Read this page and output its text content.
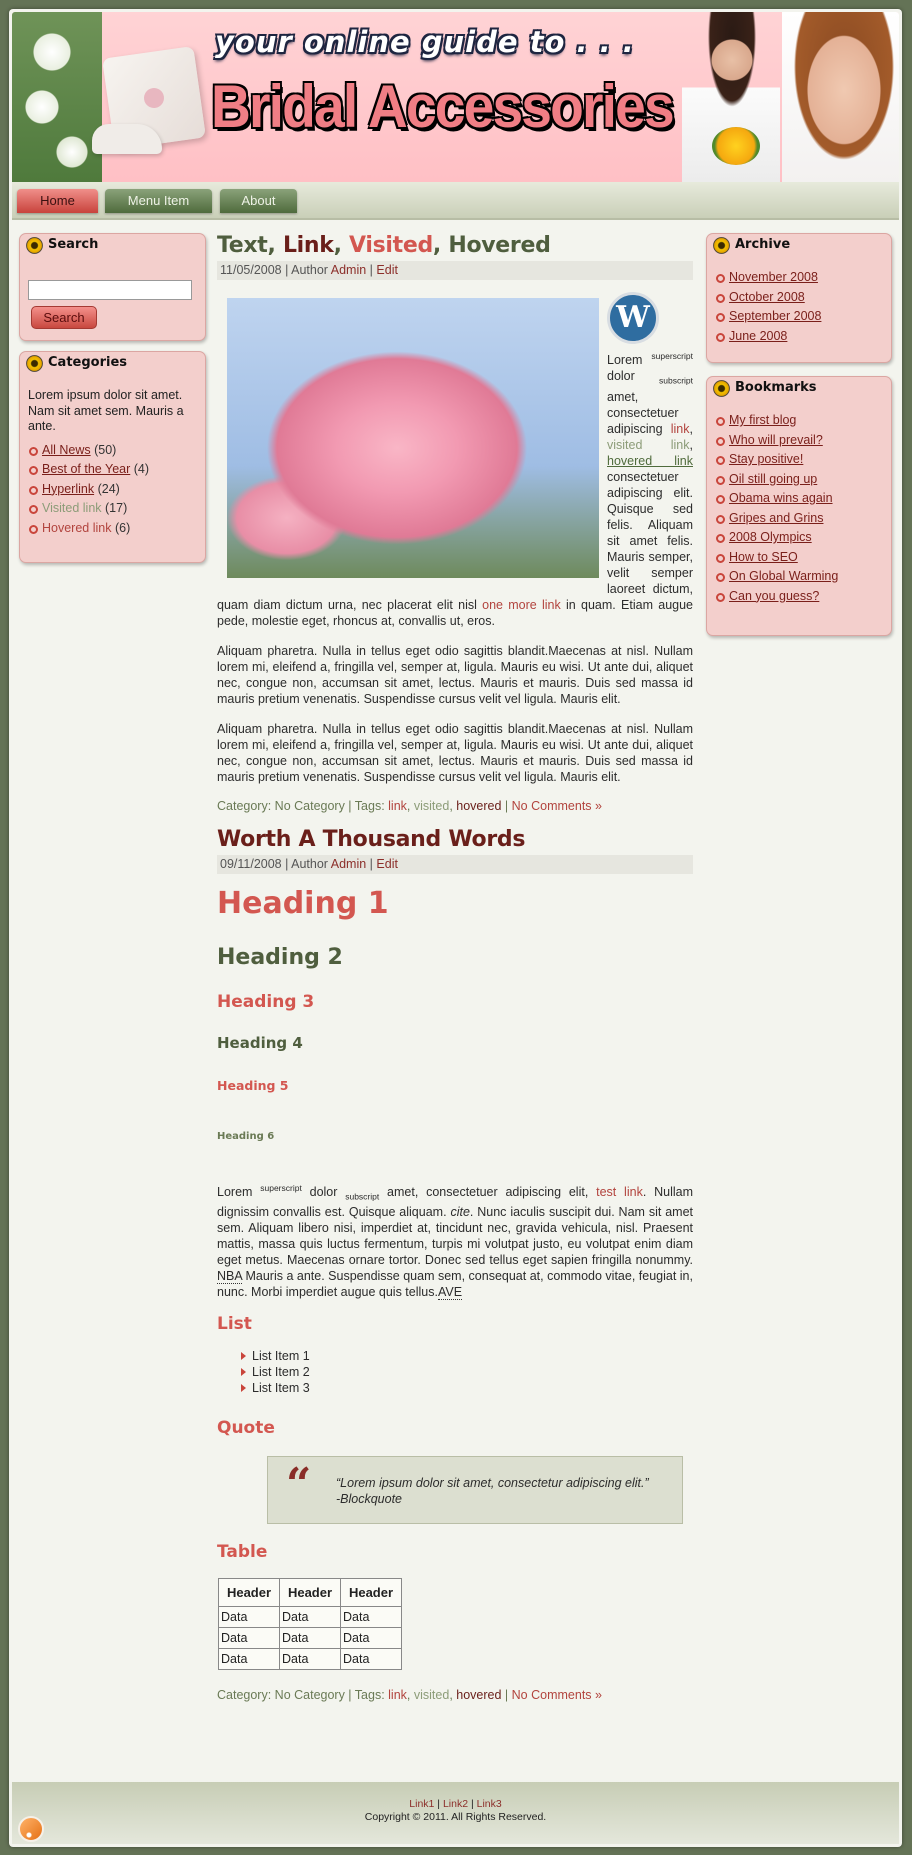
your online guide to . . .
Bridal Accessories
Home	Menu Item	About
Search
Search
Categories

Lorem ipsum dolor sit amet. Nam sit amet sem. Mauris a ante.

All News (50)
Best of the Year (4)
Hyperlink (24)
Visited link (17)
Hovered link (6)
Archive
November 2008
October 2008
September 2008
June 2008
Bookmarks
My first blog
Who will prevail?
Stay positive!
Oil still going up
Obama wins again
Gripes and Grins
2008 Olympics
How to SEO
On Global Warming
Can you guess?
Text, Link, Visited, Hovered
11/05/2008 | Author Admin | Edit
W

Lorem $^{superscript}$ dolor $_{subscript}$ amet, consectetuer adipiscing link, visited link, hovered link consectetuer adipiscing elit. Quisque sed felis. Aliquam sit amet felis. Mauris semper, velit semper laoreet dictum, quam diam dictum urna, nec placerat elit nisl one more link in quam. Etiam augue pede, molestie eget, rhoncus at, convallis ut, eros.

Aliquam pharetra. Nulla in tellus eget odio sagittis blandit.Maecenas at nisl. Nullam lorem mi, eleifend a, fringilla vel, semper at, ligula. Mauris eu wisi. Ut ante dui, aliquet nec, congue non, accumsan sit amet, lectus. Mauris et mauris. Duis sed massa id mauris pretium venenatis. Suspendisse cursus velit vel ligula. Mauris elit.

Aliquam pharetra. Nulla in tellus eget odio sagittis blandit.Maecenas at nisl. Nullam lorem mi, eleifend a, fringilla vel, semper at, ligula. Mauris eu wisi. Ut ante dui, aliquet nec, congue non, accumsan sit amet, lectus. Mauris et mauris. Duis sed massa id mauris pretium venenatis. Suspendisse cursus velit vel ligula. Mauris elit.

Category: No Category | Tags: link, visited, hovered | No Comments »
Worth A Thousand Words
09/11/2008 | Author Admin | Edit
Heading 1
Heading 2
Heading 3
Heading 4
Heading 5
Heading 6

Lorem $^{superscript}$ dolor $_{subscript}$ amet, consectetuer adipiscing elit, test link. Nullam dignissim convallis est. Quisque aliquam. cite. Nunc iaculis suscipit dui. Nam sit amet sem. Aliquam libero nisi, imperdiet at, tincidunt nec, gravida vehicula, nisl. Praesent mattis, massa quis luctus fermentum, turpis mi volutpat justo, eu volutpat enim diam eget metus. Maecenas ornare tortor. Donec sed tellus eget sapien fringilla nonummy. NBA Mauris a ante. Suspendisse quam sem, consequat at, commodo vitae, feugiat in, nunc. Morbi imperdiet augue quis tellus.AVE

List
List Item 1
List Item 2
List Item 3
Quote
“ “Lorem ipsum dolor sit amet, consectetur adipiscing elit.”
-Blockquote
Table
Header	Header	Header
Data	Data	Data
Data	Data	Data
Data	Data	Data
Category: No Category | Tags: link, visited, hovered | No Comments »
Link1 | Link2 | Link3
Copyright © 2011. All Rights Reserved.
